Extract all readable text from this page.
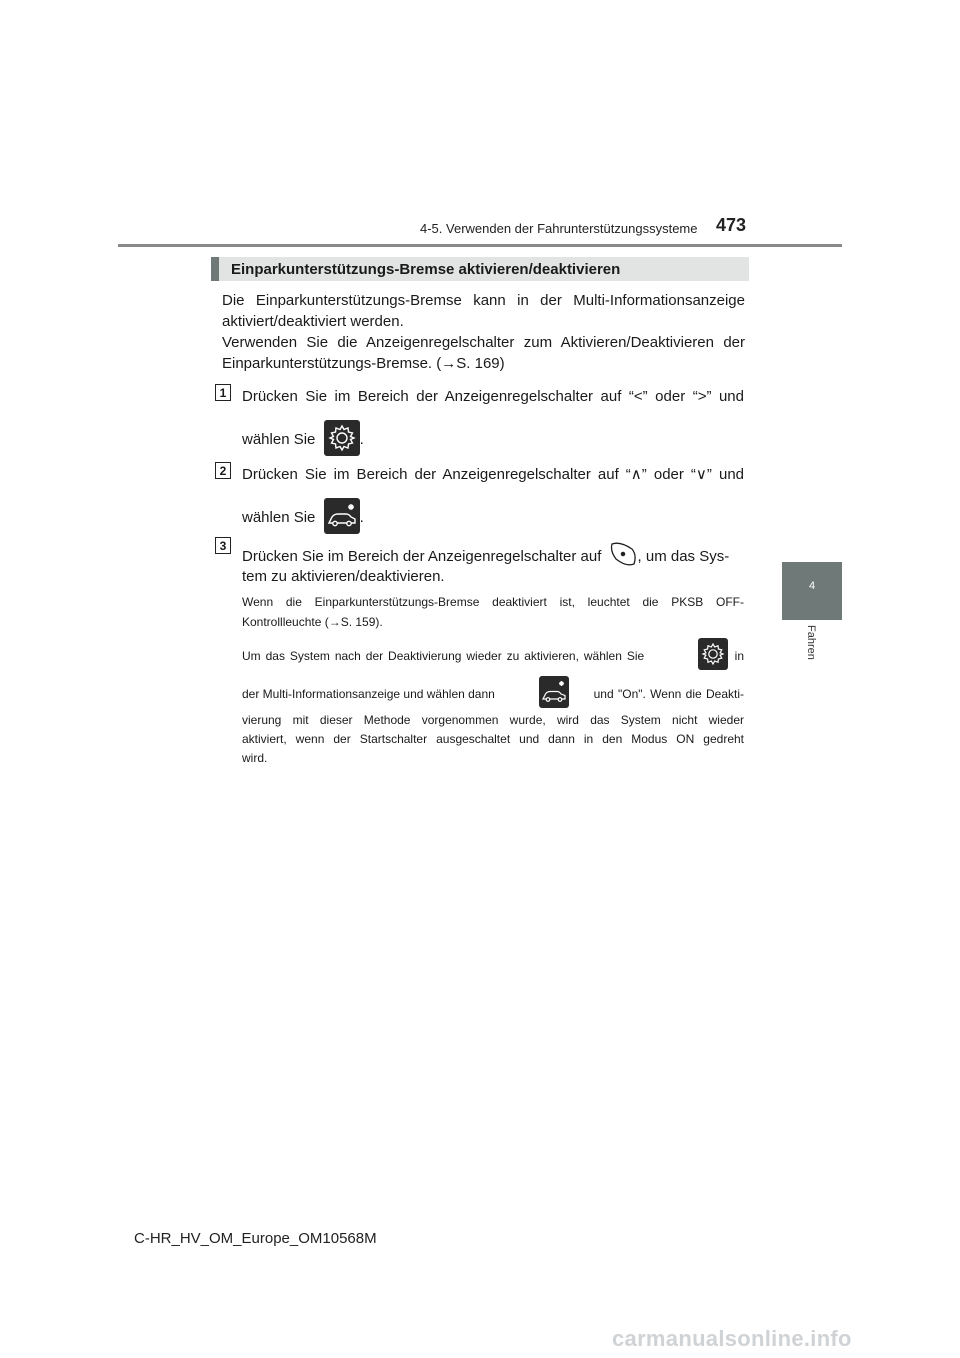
4-5. Verwenden der Fahrunterstützungssysteme 473
4
Fahren
Einparkunterstützungs-Bremse aktivieren/deaktivieren
Die Einparkunterstützungs-Bremse kann in der Multi-Informationsanzeige
aktiviert/deaktiviert werden.
Verwenden Sie die Anzeigenregelschalter zum Aktivieren/Deaktivieren der
Einparkunterstützungs-Bremse. (→S. 169)
1	Drücken Sie im Bereich der Anzeigenregelschalter auf “<” oder “>” und
wählen Sie	.
2	Drücken Sie im Bereich der Anzeigenregelschalter auf “∧” oder “∨” und
wählen Sie	.
3
Drücken Sie im Bereich der Anzeigenregelschalter auf , um das Sys-
tem zu aktivieren/deaktivieren.
Wenn die Einparkunterstützungs-Bremse deaktiviert ist, leuchtet die PKSB OFF-
Kontrollleuchte (→S. 159).
Um das System nach der Deaktivierung wieder zu aktivieren, wählen Sie	in
der Multi-Informationsanzeige und wählen dann	und "On". Wenn die Deakti-
vierung mit dieser Methode vorgenommen wurde, wird das System nicht wieder
aktiviert, wenn der Startschalter ausgeschaltet und dann in den Modus ON gedreht
wird.
C-HR_HV_OM_Europe_OM10568M
carmanualsonline.info
